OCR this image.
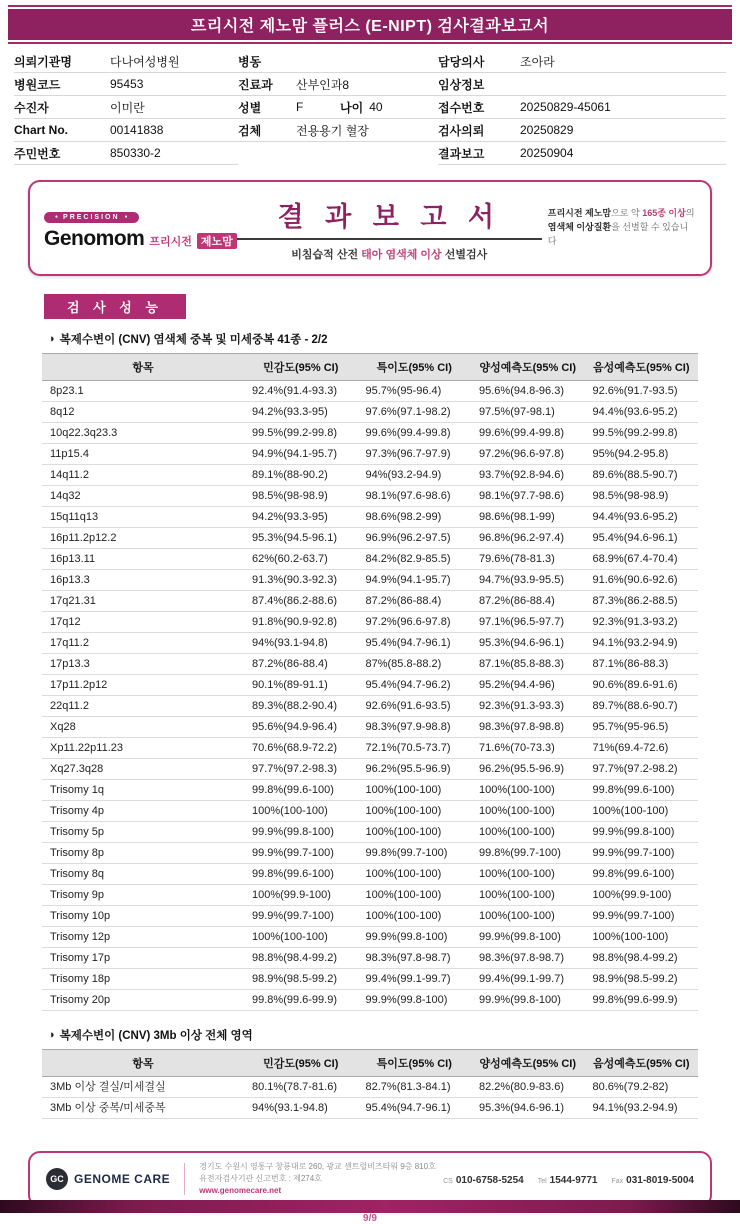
프리시전 제노맘 플러스 (E-NIPT) 검사결과보고서
의뢰기관명	다나여성병원
병원코드	95453
수진자	이미란
Chart No.	00141838
주민번호	850330-2
병동
진료과	산부인과8
성별	F	나이 40
검체	전용용기 혈장
담당의사	조아라
임상정보
접수번호	20250829-45061
검사의뢰	20250829
결과보고	20250904
● PRECISION ●
Genomom 프리시전 제노맘
결 과 보 고 서
비침습적 산전 태아 염색체 이상 선별검사
프리시전 제노맘으로 약 165종 이상의 염색체 이상질환을 선별할 수 있습니다
검 사 성 능
◑ 복제수변이 (CNV) 염색체 중복 및 미세중복 41종 - 2/2
항목	민감도(95% CI)	특이도(95% CI)	양성예측도(95% CI)	음성예측도(95% CI)
8p23.1	92.4%(91.4-93.3)	95.7%(95-96.4)	95.6%(94.8-96.3)	92.6%(91.7-93.5)
8q12	94.2%(93.3-95)	97.6%(97.1-98.2)	97.5%(97-98.1)	94.4%(93.6-95.2)
10q22.3q23.3	99.5%(99.2-99.8)	99.6%(99.4-99.8)	99.6%(99.4-99.8)	99.5%(99.2-99.8)
11p15.4	94.9%(94.1-95.7)	97.3%(96.7-97.9)	97.2%(96.6-97.8)	95%(94.2-95.8)
14q11.2	89.1%(88-90.2)	94%(93.2-94.9)	93.7%(92.8-94.6)	89.6%(88.5-90.7)
14q32	98.5%(98-98.9)	98.1%(97.6-98.6)	98.1%(97.7-98.6)	98.5%(98-98.9)
15q11q13	94.2%(93.3-95)	98.6%(98.2-99)	98.6%(98.1-99)	94.4%(93.6-95.2)
16p11.2p12.2	95.3%(94.5-96.1)	96.9%(96.2-97.5)	96.8%(96.2-97.4)	95.4%(94.6-96.1)
16p13.11	62%(60.2-63.7)	84.2%(82.9-85.5)	79.6%(78-81.3)	68.9%(67.4-70.4)
16p13.3	91.3%(90.3-92.3)	94.9%(94.1-95.7)	94.7%(93.9-95.5)	91.6%(90.6-92.6)
17q21.31	87.4%(86.2-88.6)	87.2%(86-88.4)	87.2%(86-88.4)	87.3%(86.2-88.5)
17q12	91.8%(90.9-92.8)	97.2%(96.6-97.8)	97.1%(96.5-97.7)	92.3%(91.3-93.2)
17q11.2	94%(93.1-94.8)	95.4%(94.7-96.1)	95.3%(94.6-96.1)	94.1%(93.2-94.9)
17p13.3	87.2%(86-88.4)	87%(85.8-88.2)	87.1%(85.8-88.3)	87.1%(86-88.3)
17p11.2p12	90.1%(89-91.1)	95.4%(94.7-96.2)	95.2%(94.4-96)	90.6%(89.6-91.6)
22q11.2	89.3%(88.2-90.4)	92.6%(91.6-93.5)	92.3%(91.3-93.3)	89.7%(88.6-90.7)
Xq28	95.6%(94.9-96.4)	98.3%(97.9-98.8)	98.3%(97.8-98.8)	95.7%(95-96.5)
Xp11.22p11.23	70.6%(68.9-72.2)	72.1%(70.5-73.7)	71.6%(70-73.3)	71%(69.4-72.6)
Xq27.3q28	97.7%(97.2-98.3)	96.2%(95.5-96.9)	96.2%(95.5-96.9)	97.7%(97.2-98.2)
Trisomy 1q	99.8%(99.6-100)	100%(100-100)	100%(100-100)	99.8%(99.6-100)
Trisomy 4p	100%(100-100)	100%(100-100)	100%(100-100)	100%(100-100)
Trisomy 5p	99.9%(99.8-100)	100%(100-100)	100%(100-100)	99.9%(99.8-100)
Trisomy 8p	99.9%(99.7-100)	99.8%(99.7-100)	99.8%(99.7-100)	99.9%(99.7-100)
Trisomy 8q	99.8%(99.6-100)	100%(100-100)	100%(100-100)	99.8%(99.6-100)
Trisomy 9p	100%(99.9-100)	100%(100-100)	100%(100-100)	100%(99.9-100)
Trisomy 10p	99.9%(99.7-100)	100%(100-100)	100%(100-100)	99.9%(99.7-100)
Trisomy 12p	100%(100-100)	99.9%(99.8-100)	99.9%(99.8-100)	100%(100-100)
Trisomy 17p	98.8%(98.4-99.2)	98.3%(97.8-98.7)	98.3%(97.8-98.7)	98.8%(98.4-99.2)
Trisomy 18p	98.9%(98.5-99.2)	99.4%(99.1-99.7)	99.4%(99.1-99.7)	98.9%(98.5-99.2)
Trisomy 20p	99.8%(99.6-99.9)	99.9%(99.8-100)	99.9%(99.8-100)	99.8%(99.6-99.9)
◑ 복제수변이 (CNV) 3Mb 이상 전체 영역
항목	민감도(95% CI)	특이도(95% CI)	양성예측도(95% CI)	음성예측도(95% CI)
3Mb 이상 결실/미세결실	80.1%(78.7-81.6)	82.7%(81.3-84.1)	82.2%(80.9-83.6)	80.6%(79.2-82)
3Mb 이상 중복/미세중복	94%(93.1-94.8)	95.4%(94.7-96.1)	95.3%(94.6-96.1)	94.1%(93.2-94.9)
GC GENOME CARE
경기도 수원시 영통구 창룡대로 260, 광교 센트럴비즈타워 9층 810호
유전자검사기관 신고번호 : 제274호
www.genomecare.net
CS 010-6758-5254 Tel 1544-9771 Fax 031-8019-5004
9/9
